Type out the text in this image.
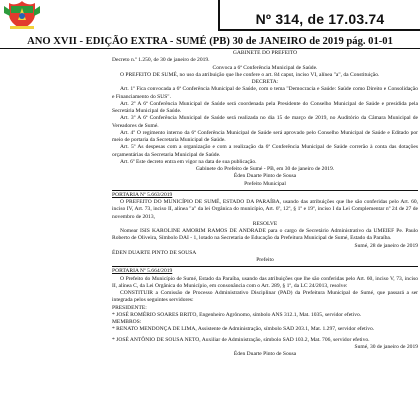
Nº 314, de 17.03.74
ANO XVII - EDIÇÃO EXTRA - SUMÉ (PB) 30 de JANEIRO de 2019 pág. 01-01

GABINETE DO PREFEITO

Decreto n.º 1.250, de 30 de janeiro de 2019.

Convoca a 6ª Conferência Municipal de Saúde.

O PREFEITO DE SUMÉ, no uso da atribuição que lhe confere o art. 84 caput, inciso VI, alínea "a", da Constituição.

DECRETA:

Art. 1º Fica convocada a 6ª Conferência Municipal de Saúde, com o tema "Democracia e Saúde: Saúde como Direito e Consolidação e Financiamento do SUS".

Art. 2º A 6ª Conferência Municipal de Saúde será coordenada pela Presidente do Conselho Municipal de Saúde e presidida pela Secretária Municipal de Saúde.

Art. 3º A 6ª Conferência Municipal de Saúde será realizada no dia 15 de março de 2019, no Auditório da Câmara Municipal de Vereadores de Sumé.

Art. 4º O regimento interno da 6ª Conferência Municipal de Saúde será aprovado pelo Conselho Municipal de Saúde e Editado por meio de portaria da Secretaria Municipal de Saúde.

Art. 5º As despesas com a organização e com a realização da 6ª Conferência Municipal de Saúde correrão à conta das dotações orçamentárias da Secretaria Municipal de Saúde.

Art. 6º Este decreto entra em vigor na data de sua publicação.

Gabinete do Prefeito de Sumé - PB, em 30 de janeiro de 2019.

Éden Duarte Pinto de Sousa

Prefeito Municipal

PORTARIA Nº 5.663/2019

O PREFEITO DO MUNICÍPIO DE SUMÉ, ESTADO DA PARAÍBA, usando das atribuições que lhe são conferidas pelo Art. 60, inciso IV, Art. 73, inciso II, alínea "a" da lei Orgânica do município, Art. 6º, 12º, § 1º e 19º, inciso I da Lei Complementar nº 24 de 27 de novembro de 2013,

RESOLVE

Nomear ISIS KAROLINE AMORIM RAMOS DE ANDRADE para o cargo de Secretário Administrativo da UMEIEF Pe. Paulo Roberto de Oliveira, Símbolo DAI - 1, lotado na Secretaria de Educação da Prefeitura Municipal de Sumé, Estado da Paraíba.

Sumé, 28 de janeiro de 2019

ÉDEN DUARTE PINTO DE SOUSA

Prefeito

PORTARIA Nº 5.664/2019

O Prefeito do Município de Sumé, Estado da Paraíba, usando das atribuições que lhe são conferidas pelo Art. 60, inciso V, 73, inciso II, alínea C, da Lei Orgânica do Município, em consonância com o Art. 289, § 1º, da LC 24/2013, resolve:

CONSTITUIR a Comissão de Processo Administrativo Disciplinar (PAD) da Prefeitura Municipal de Sumé, que passará a ser integrada pelos seguintes servidores:

PRESIDENTE:

* JOSÉ ROMÉRIO SOARES BRITO, Engenheiro Agrônomo, símbolo ANS 312.1, Mat. 1035, servidor efetivo.

MEMBROS:

* RENATO MENDONÇA DE LIMA, Assistente de Administração, símbolo SAD 203.1, Mat. 1.297, servidor efetivo.

* JOSÉ ANTÔNIO DE SOUSA NETO, Auxiliar de Administração, símbolo SAD 103.2, Mat. 706, servidor efetivo.

Sumé, 30 de janeiro de 2019

Éden Duarte Pinto de Sousa
